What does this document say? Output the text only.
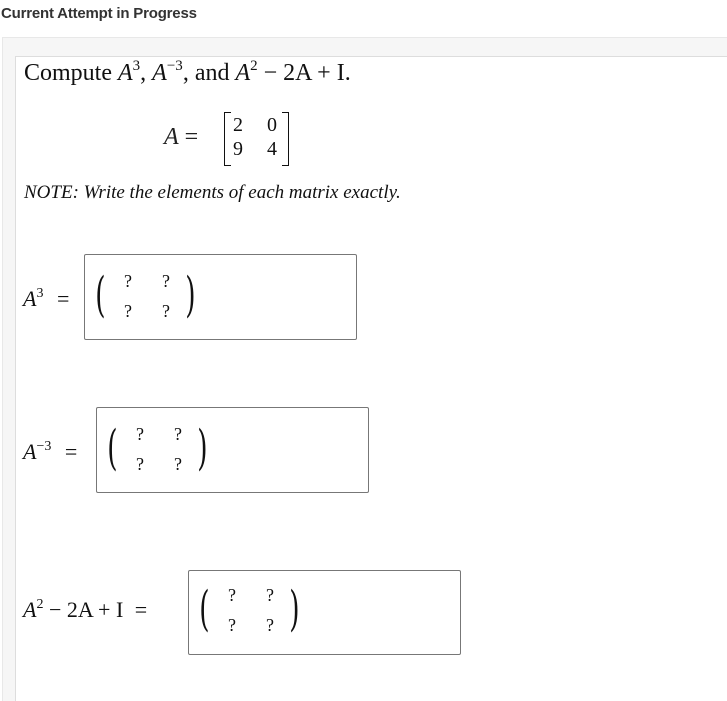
Current Attempt in Progress
Compute $A^3$, $A^{-3}$, and $A^2 - 2A + I$.
A = 2 0
9 4
NOTE: Write the elements of each matrix exactly.
$A^3$ = ( )
? ?
? ?
$A^{-3}$ = ( )
? ?
? ?
$A^2 - 2A + I$ = ( )
? ?
? ?
